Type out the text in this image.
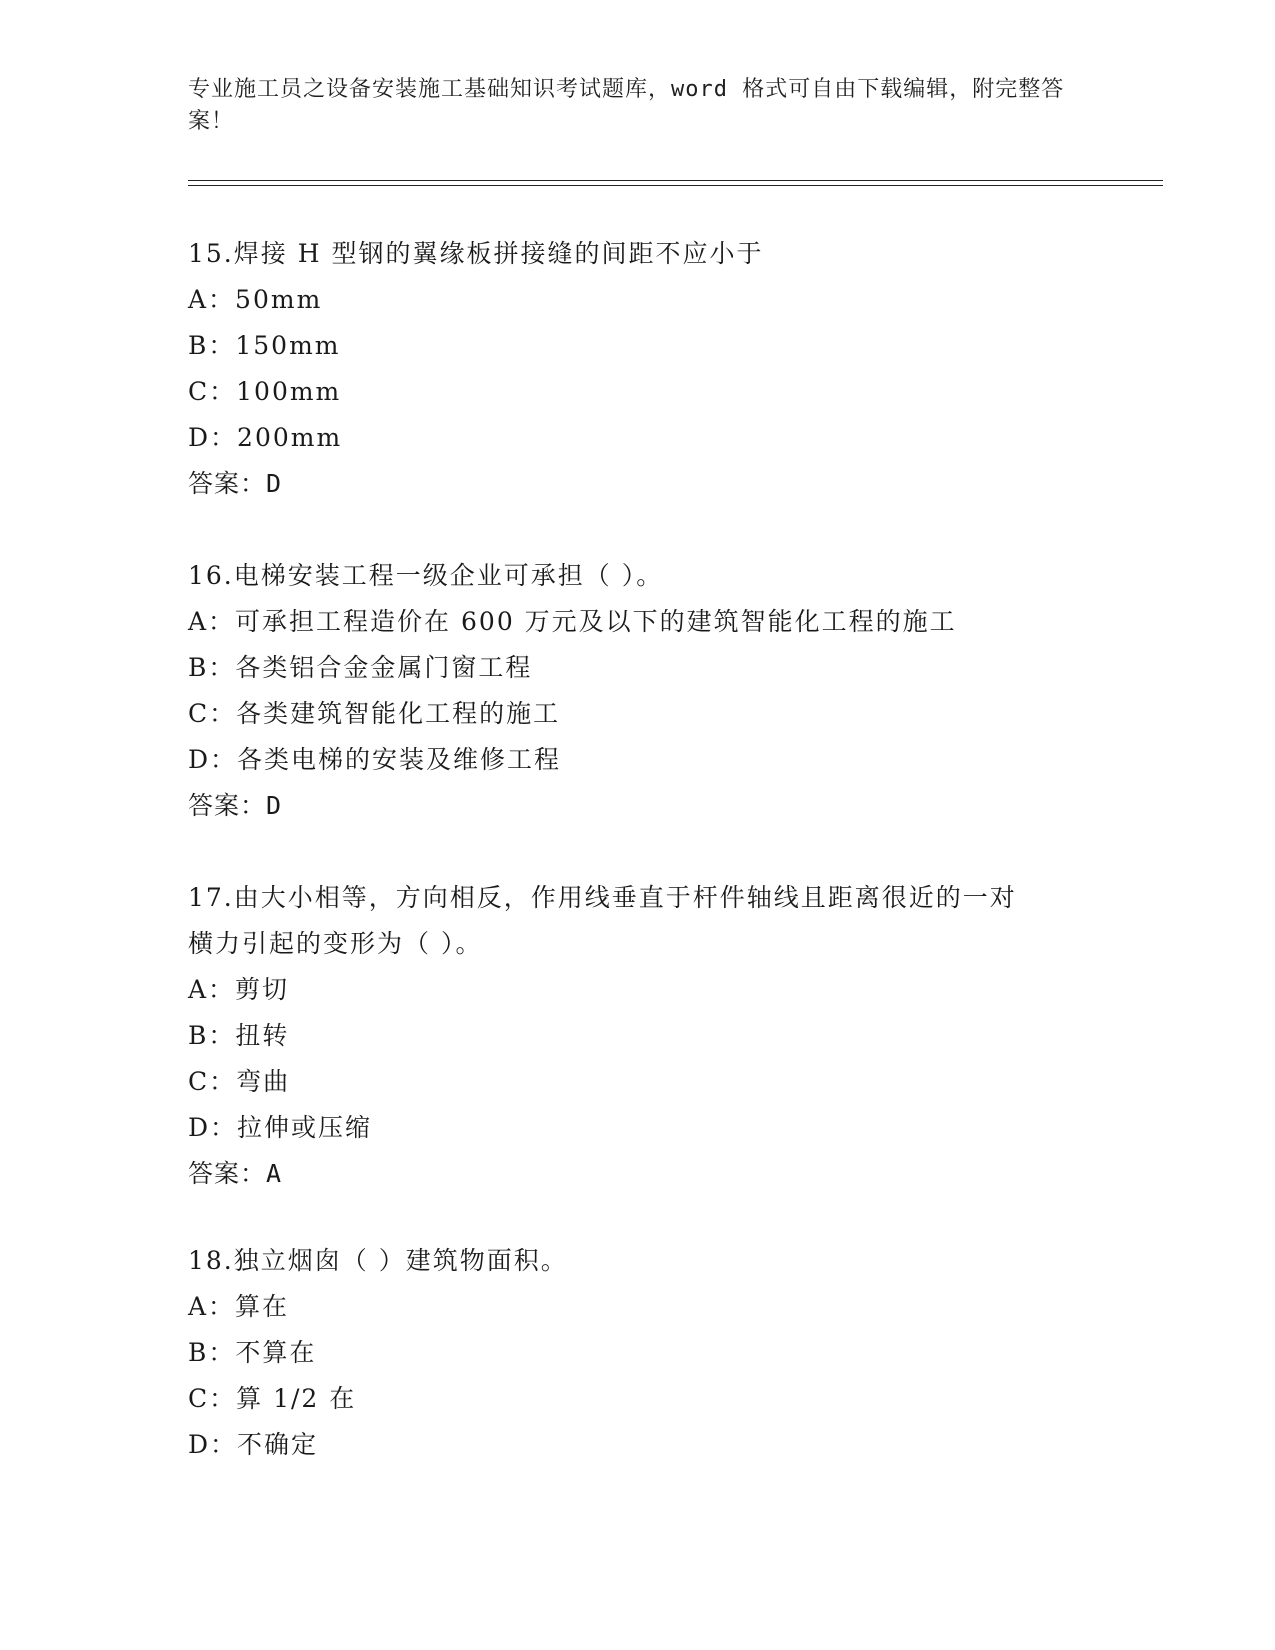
专业施工员之设备安装施工基础知识考试题库，word 格式可自由下载编辑，附完整答案！
15.焊接 H 型钢的翼缘板拼接缝的间距不应小于
A：50mm
B：150mm
C：100mm
D：200mm
答案：D
16.电梯安装工程一级企业可承担（ ）。
A：可承担工程造价在 600 万元及以下的建筑智能化工程的施工
B：各类铝合金金属门窗工程
C：各类建筑智能化工程的施工
D：各类电梯的安装及维修工程
答案：D
17.由大小相等，方向相反，作用线垂直于杆件轴线且距离很近的一对
横力引起的变形为（ ）。
A：剪切
B：扭转
C：弯曲
D：拉伸或压缩
答案：A
18.独立烟囱（ ）建筑物面积。
A：算在
B：不算在
C：算 1/2 在
D：不确定
